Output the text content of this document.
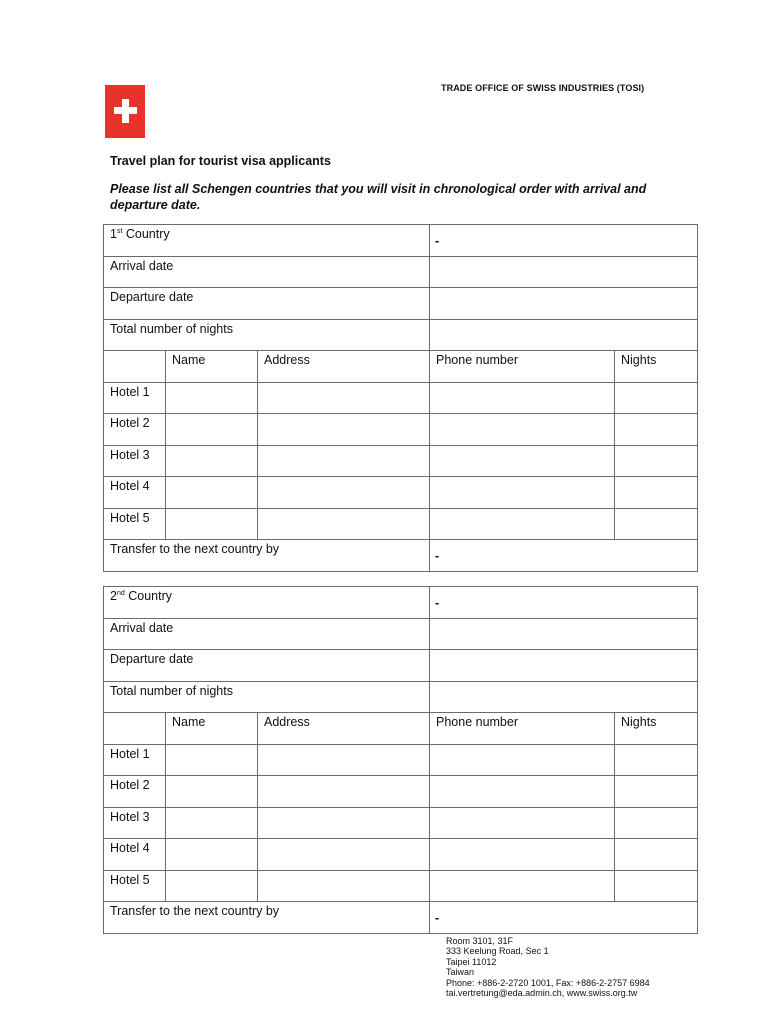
TRADE OFFICE OF SWISS INDUSTRIES (TOSI)
Travel plan for tourist visa applicants
Please list all Schengen countries that you will visit in chronological order with arrival and departure date.
1st Country			-	
Arrival date				
Departure date				
Total number of nights				
	Name	Address	Phone number	Nights
Hotel 1				
Hotel 2				
Hotel 3				
Hotel 4				
Hotel 5				
Transfer to the next country by			-	
2nd Country			-	
Arrival date				
Departure date				
Total number of nights				
	Name	Address	Phone number	Nights
Hotel 1				
Hotel 2				
Hotel 3				
Hotel 4				
Hotel 5				
Transfer to the next country by			-	
Room 3101, 31F
333 Keelung Road, Sec 1
Taipei 11012
Taiwan
Phone: +886-2-2720 1001, Fax: +886-2-2757 6984
tai.vertretung@eda.admin.ch, www.swiss.org.tw
